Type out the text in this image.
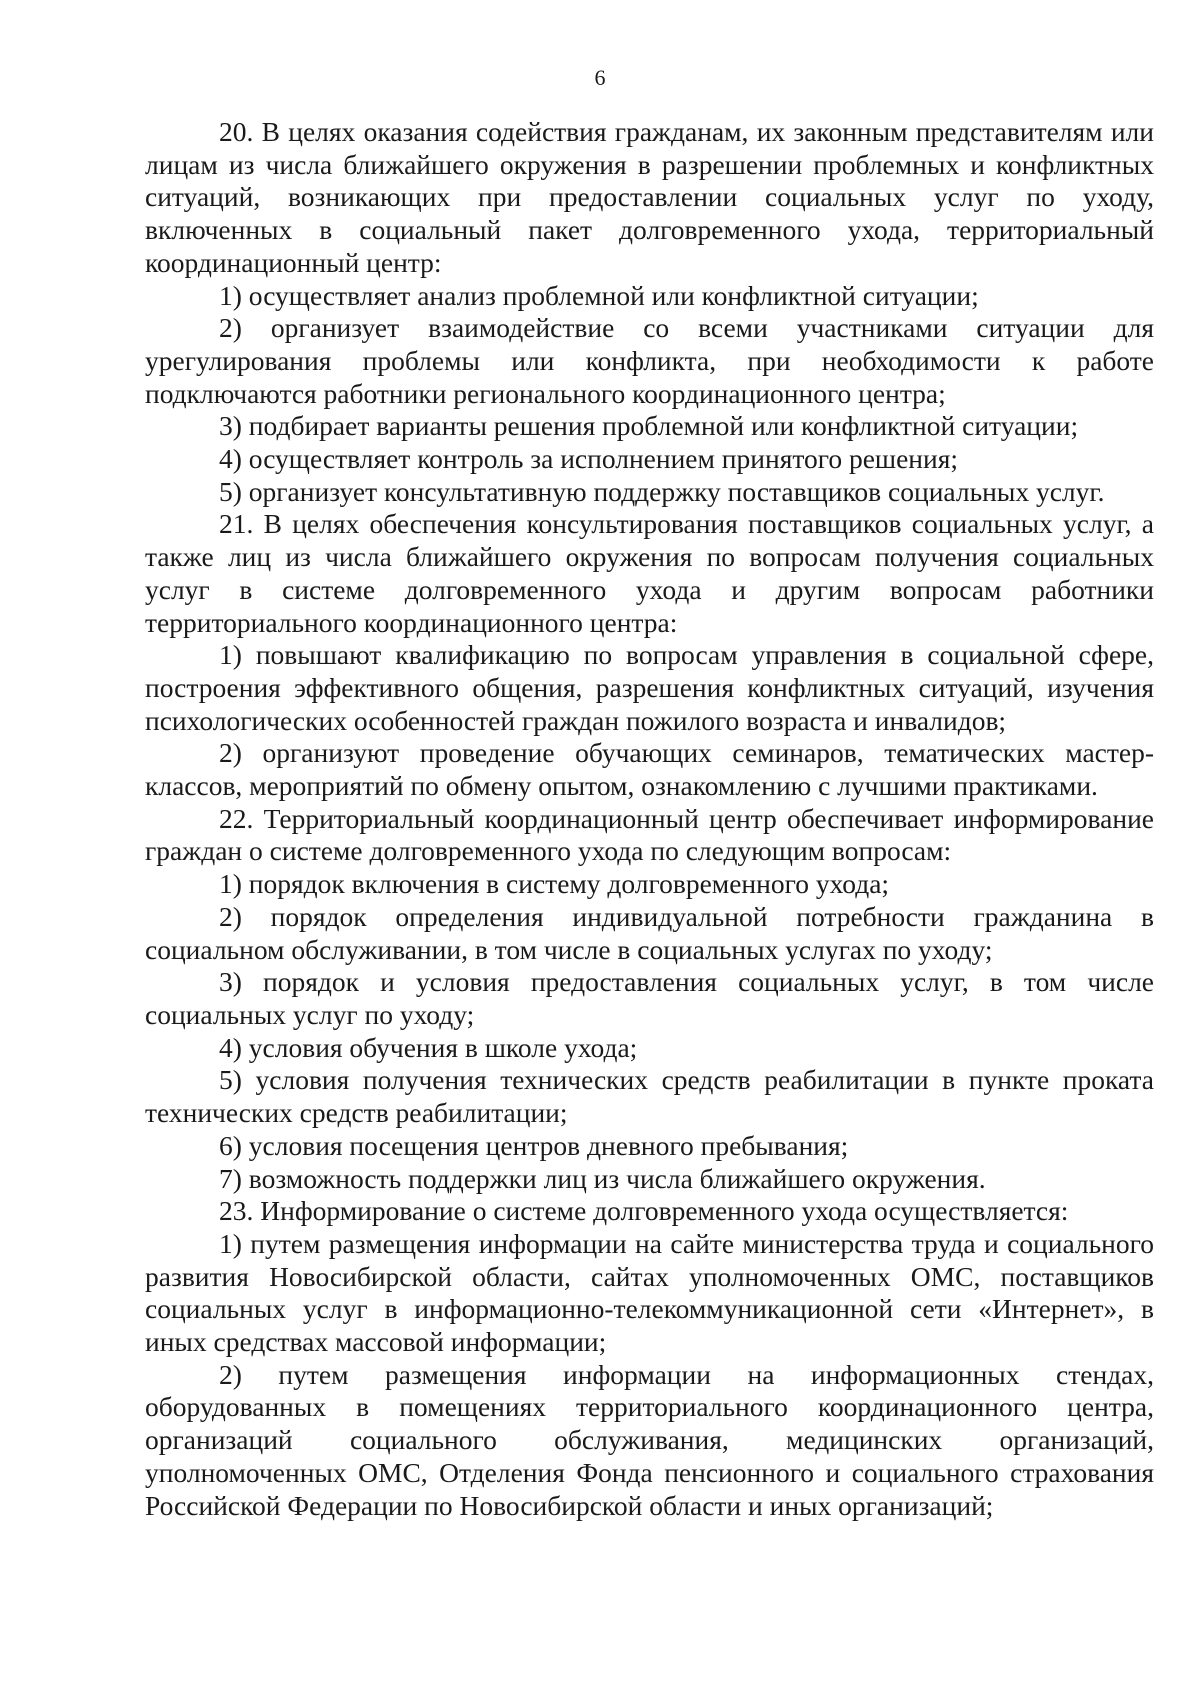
6

20. В целях оказания содействия гражданам, их законным представителям или лицам из числа ближайшего окружения в разрешении проблемных и конфликтных ситуаций, возникающих при предоставлении социальных услуг по уходу, включенных в социальный пакет долговременного ухода, территориальный координационный центр:

1) осуществляет анализ проблемной или конфликтной ситуации;

2) организует взаимодействие со всеми участниками ситуации для урегулирования проблемы или конфликта, при необходимости к работе подключаются работники регионального координационного центра;

3) подбирает варианты решения проблемной или конфликтной ситуации;

4) осуществляет контроль за исполнением принятого решения;

5) организует консультативную поддержку поставщиков социальных услуг.

21. В целях обеспечения консультирования поставщиков социальных услуг, а также лиц из числа ближайшего окружения по вопросам получения социальных услуг в системе долговременного ухода и другим вопросам работники территориального координационного центра:

1) повышают квалификацию по вопросам управления в социальной сфере, построения эффективного общения, разрешения конфликтных ситуаций, изучения психологических особенностей граждан пожилого возраста и инвалидов;

2) организуют проведение обучающих семинаров, тематических мастер-классов, мероприятий по обмену опытом, ознакомлению с лучшими практиками.

22. Территориальный координационный центр обеспечивает информирование граждан о системе долговременного ухода по следующим вопросам:

1) порядок включения в систему долговременного ухода;

2) порядок определения индивидуальной потребности гражданина в социальном обслуживании, в том числе в социальных услугах по уходу;

3) порядок и условия предоставления социальных услуг, в том числе социальных услуг по уходу;

4) условия обучения в школе ухода;

5) условия получения технических средств реабилитации в пункте проката технических средств реабилитации;

6) условия посещения центров дневного пребывания;

7) возможность поддержки лиц из числа ближайшего окружения.

23. Информирование о системе долговременного ухода осуществляется:

1) путем размещения информации на сайте министерства труда и социального развития Новосибирской области, сайтах уполномоченных ОМС, поставщиков социальных услуг в информационно-телекоммуникационной сети «Интернет», в иных средствах массовой информации;

2) путем размещения информации на информационных стендах, оборудованных в помещениях территориального координационного центра, организаций социального обслуживания, медицинских организаций, уполномоченных ОМС, Отделения Фонда пенсионного и социального страхования Российской Федерации по Новосибирской области и иных организаций;
